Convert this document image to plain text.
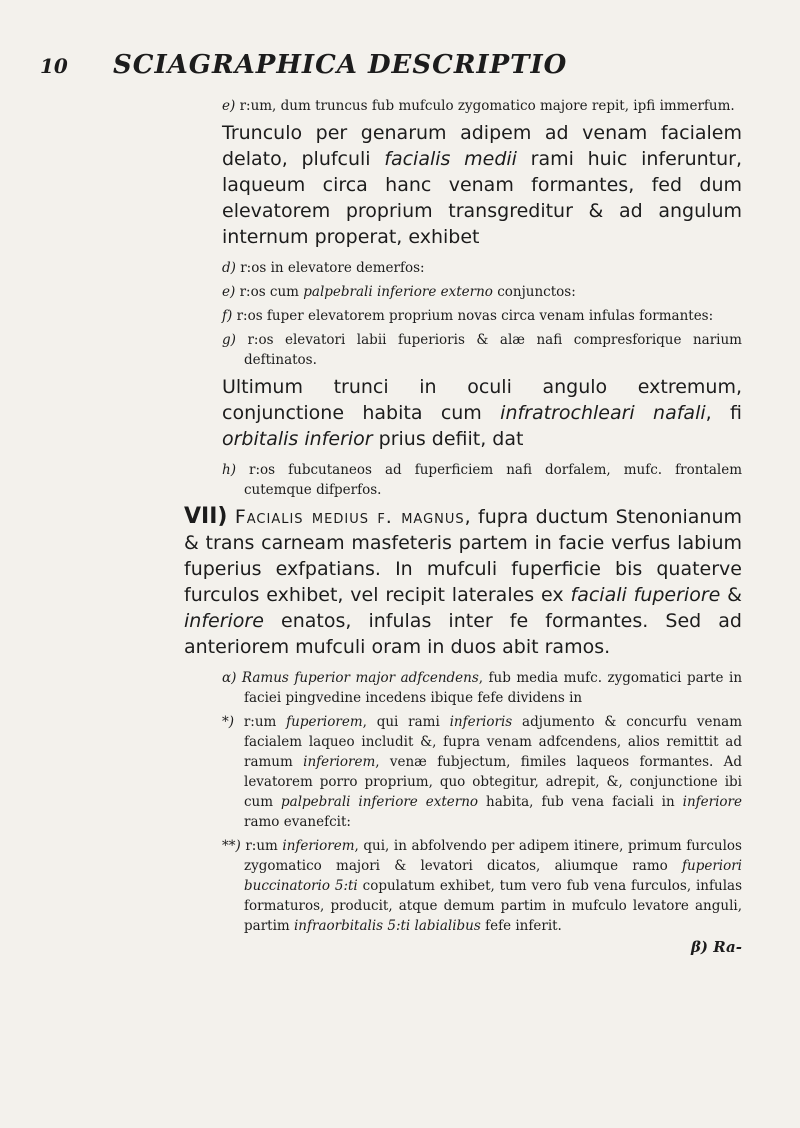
10 SCIAGRAPHICA DESCRIPTIO

e) r:um, dum truncus fub mufculo zygomatico majore repit, ipfi immerfum.

Trunculo per genarum adipem ad venam facialem delato, plufculi facialis medii rami huic inferuntur, laqueum circa hanc venam formantes, fed dum elevatorem proprium transgreditur & ad angulum internum properat, exhibet

d) r:os in elevatore demerfos:

e) r:os cum palpebrali inferiore externo conjunctos:

f) r:os fuper elevatorem proprium novas circa venam infulas formantes:

g) r:os elevatori labii fuperioris & alæ nafi compresforique narium deftinatos.

Ultimum trunci in oculi angulo extremum, conjunctione habita cum infratrochleari nafali, fi orbitalis inferior prius defiit, dat

h) r:os fubcutaneos ad fuperficiem nafi dorfalem, mufc. frontalem cutemque difperfos.

VII) Facialis medius f. magnus, fupra ductum Stenonianum & trans carneam masfeteris partem in facie verfus labium fuperius exfpatians. In mufculi fuperficie bis quaterve furculos exhibet, vel recipit laterales ex faciali fuperiore & inferiore enatos, infulas inter fe formantes. Sed ad anteriorem mufculi oram in duos abit ramos.

α) Ramus fuperior major adfcendens, fub media mufc. zygomatici parte in faciei pingvedine incedens ibique fefe dividens in

*) r:um fuperiorem, qui rami inferioris adjumento & concurfu venam facialem laqueo includit &, fupra venam adfcendens, alios remittit ad ramum inferiorem, venæ fubjectum, fimiles laqueos formantes. Ad levatorem porro proprium, quo obtegitur, adrepit, &, conjunctione ibi cum palpebrali inferiore externo habita, fub vena faciali in inferiore ramo evanefcit:

**) r:um inferiorem, qui, in abfolvendo per adipem itinere, primum furculos zygomatico majori & levatori dicatos, aliumque ramo fuperiori buccinatorio 5:ti copulatum exhibet, tum vero fub vena furculos, infulas formaturos, producit, atque demum partim in mufculo levatore anguli, partim infraorbitalis 5:ti labialibus fefe inferit.

β) Ra-
